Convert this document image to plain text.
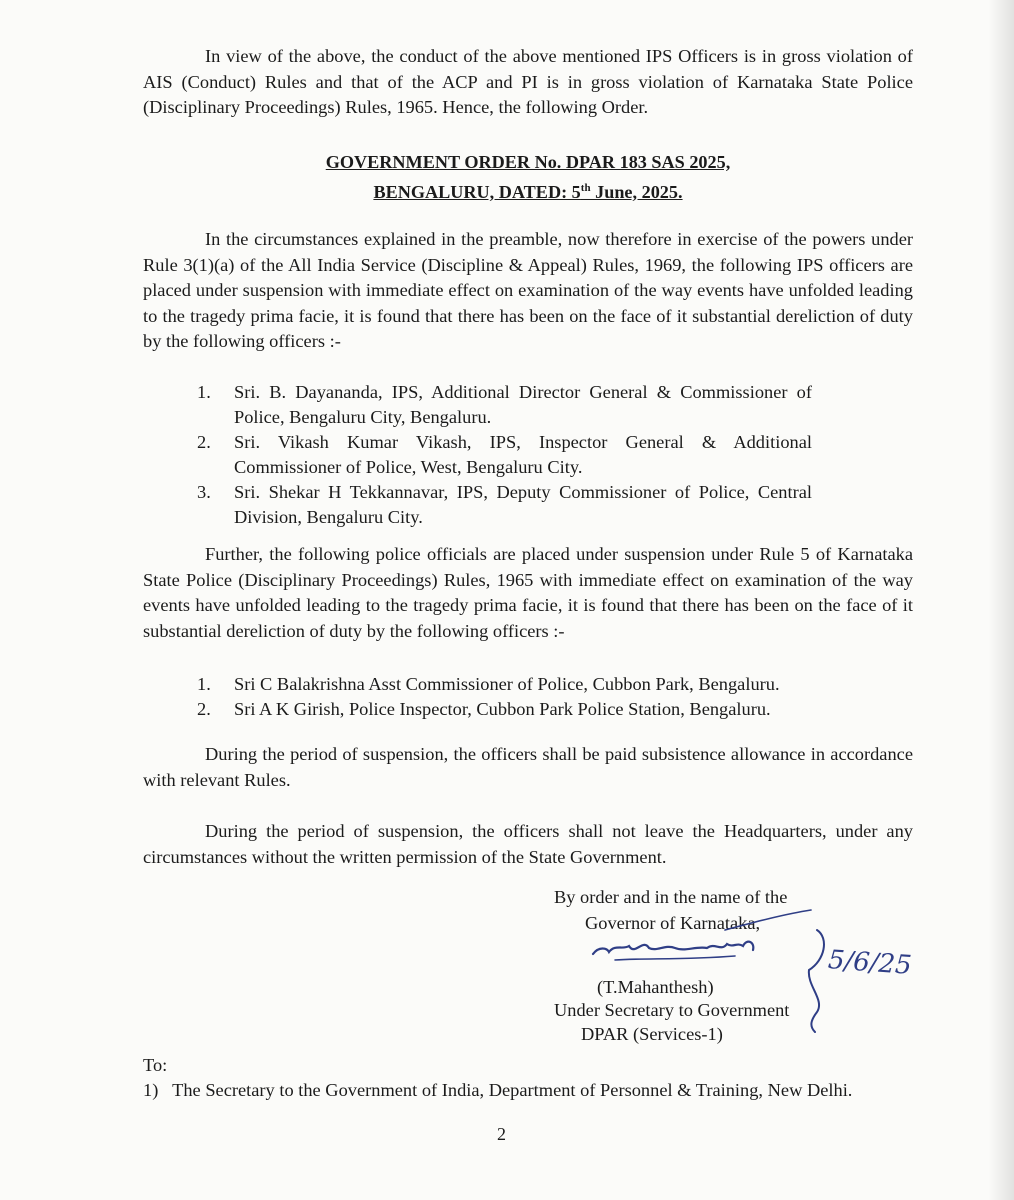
In view of the above, the conduct of the above mentioned IPS Officers is in gross violation of AIS (Conduct) Rules and that of the ACP and PI is in gross violation of Karnataka State Police (Disciplinary Proceedings) Rules, 1965. Hence, the following Order.

GOVERNMENT ORDER No. DPAR 183 SAS 2025,
BENGALURU, DATED: 5th June, 2025.

In the circumstances explained in the preamble, now therefore in exercise of the powers under Rule 3(1)(a) of the All India Service (Discipline & Appeal) Rules, 1969, the following IPS officers are placed under suspension with immediate effect on examination of the way events have unfolded leading to the tragedy prima facie, it is found that there has been on the face of it substantial dereliction of duty by the following officers :-

1. Sri. B. Dayananda, IPS, Additional Director General & Commissioner of Police, Bengaluru City, Bengaluru.
2. Sri. Vikash Kumar Vikash, IPS, Inspector General & Additional Commissioner of Police, West, Bengaluru City.
3. Sri. Shekar H Tekkannavar, IPS, Deputy Commissioner of Police, Central Division, Bengaluru City.

Further, the following police officials are placed under suspension under Rule 5 of Karnataka State Police (Disciplinary Proceedings) Rules, 1965 with immediate effect on examination of the way events have unfolded leading to the tragedy prima facie, it is found that there has been on the face of it substantial dereliction of duty by the following officers :-

1. Sri C Balakrishna Asst Commissioner of Police, Cubbon Park, Bengaluru.
2. Sri A K Girish, Police Inspector, Cubbon Park Police Station, Bengaluru.

During the period of suspension, the officers shall be paid subsistence allowance in accordance with relevant Rules.

During the period of suspension, the officers shall not leave the Headquarters, under any circumstances without the written permission of the State Government.

By order and in the name of the
Governor of Karnataka,
5/6/25
(T.Mahanthesh)
Under Secretary to Government
DPAR (Services-1)
To:
1) The Secretary to the Government of India, Department of Personnel & Training, New Delhi.
2
